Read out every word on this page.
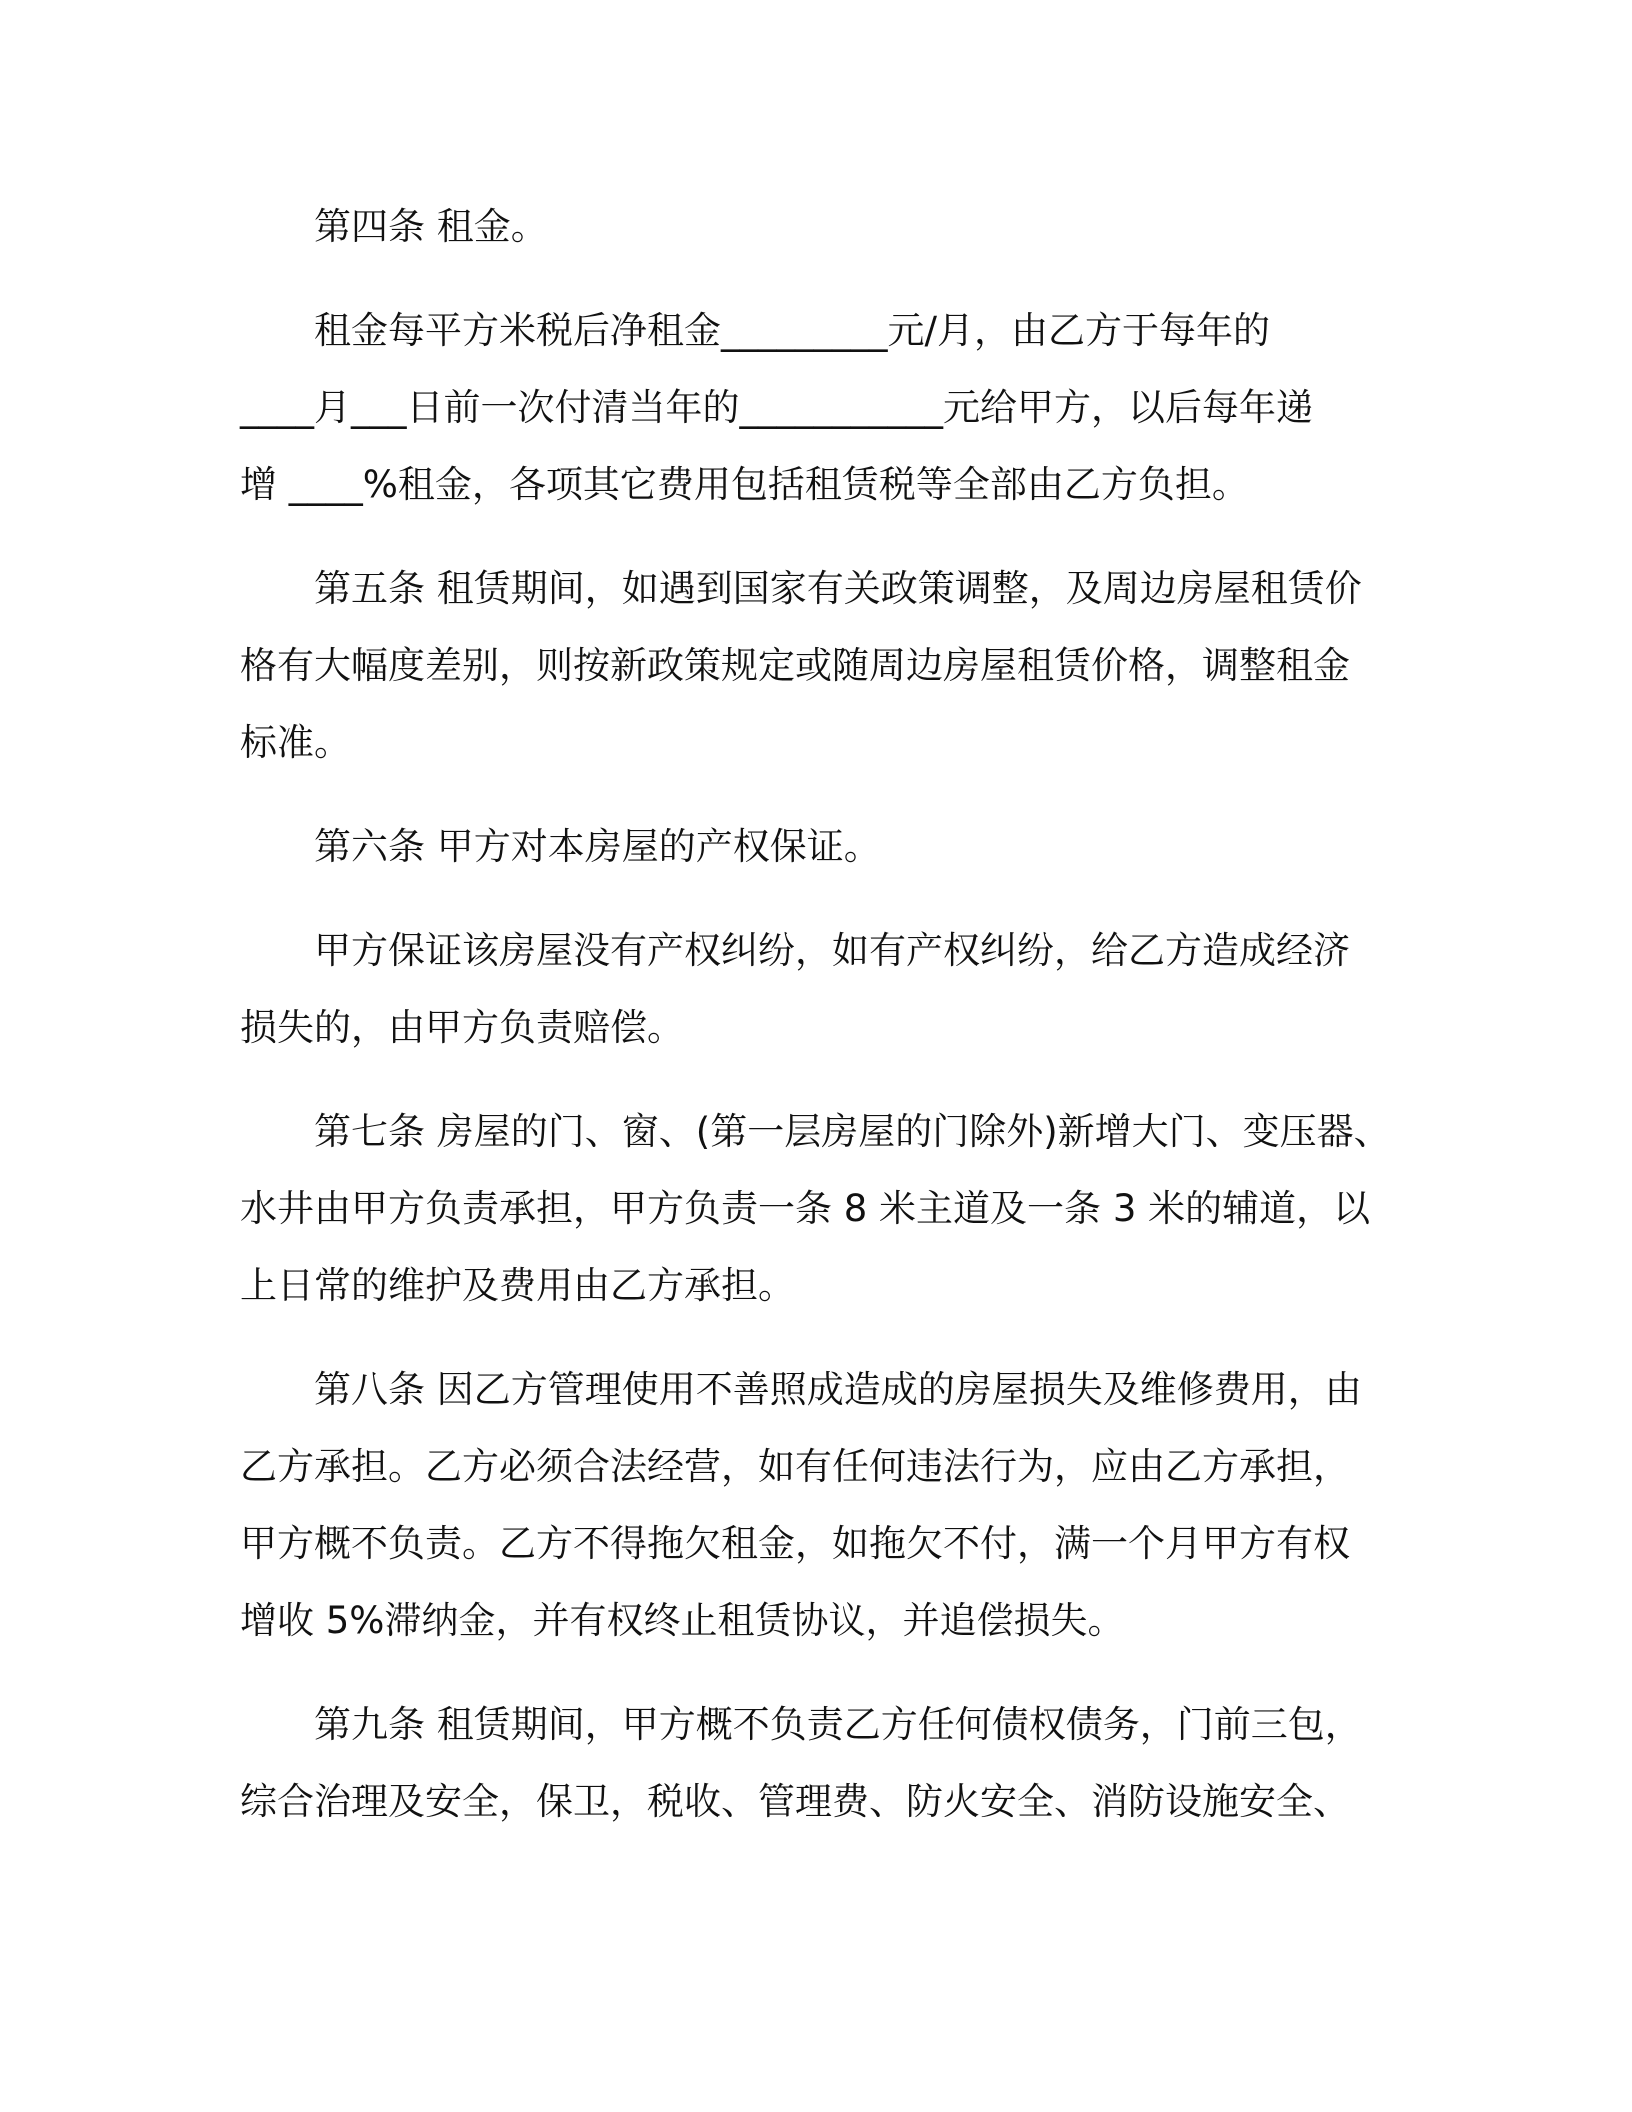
第四条 租金。

租金每平方米税后净租金_________元/月，由乙方于每年的
____月___日前一次付清当年的___________元给甲方，以后每年递
增 ____%租金，各项其它费用包括租赁税等全部由乙方负担。

第五条 租赁期间，如遇到国家有关政策调整，及周边房屋租赁价
格有大幅度差别，则按新政策规定或随周边房屋租赁价格，调整租金
标准。

第六条 甲方对本房屋的产权保证。

甲方保证该房屋没有产权纠纷，如有产权纠纷，给乙方造成经济
损失的，由甲方负责赔偿。

第七条 房屋的门、窗、(第一层房屋的门除外)新增大门、变压器、
水井由甲方负责承担，甲方负责一条 8 米主道及一条 3 米的辅道，以
上日常的维护及费用由乙方承担。

第八条 因乙方管理使用不善照成造成的房屋损失及维修费用，由
乙方承担。乙方必须合法经营，如有任何违法行为，应由乙方承担，
甲方概不负责。乙方不得拖欠租金，如拖欠不付，满一个月甲方有权
增收 5%滞纳金，并有权终止租赁协议，并追偿损失。

第九条 租赁期间，甲方概不负责乙方任何债权债务，门前三包，
综合治理及安全，保卫，税收、管理费、防火安全、消防设施安全、
